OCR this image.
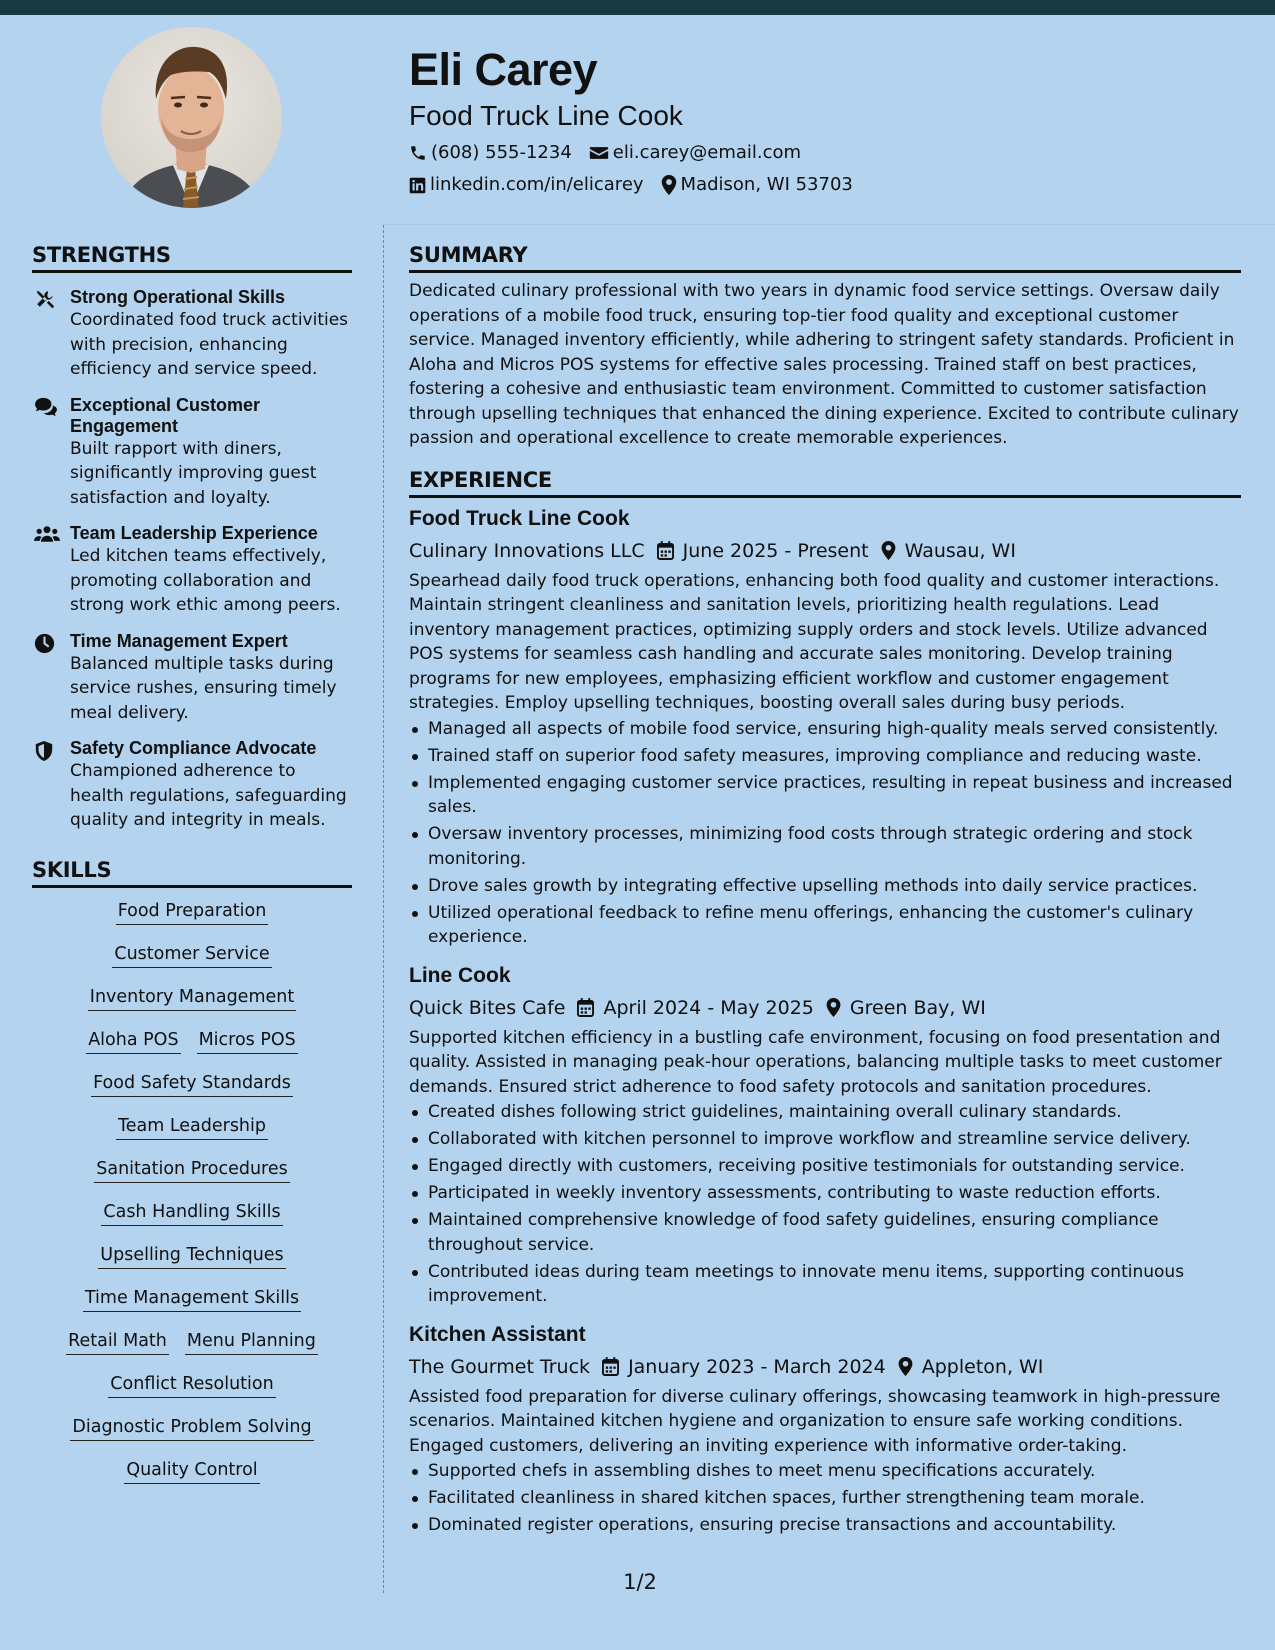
Eli Carey
Food Truck Line Cook
(608) 555-1234 eli.carey@email.com
linkedin.com/in/elicarey Madison, WI 53703
STRENGTHS
Strong Operational Skills
Coordinated food truck activities with precision, enhancing efficiency and service speed.
Exceptional Customer Engagement
Built rapport with diners, significantly improving guest satisfaction and loyalty.
Team Leadership Experience
Led kitchen teams effectively, promoting collaboration and strong work ethic among peers.
Time Management Expert
Balanced multiple tasks during service rushes, ensuring timely meal delivery.
Safety Compliance Advocate
Championed adherence to health regulations, safeguarding quality and integrity in meals.
SKILLS
Food Preparation
Customer Service
Inventory Management
Aloha POS Micros POS
Food Safety Standards
Team Leadership
Sanitation Procedures
Cash Handling Skills
Upselling Techniques
Time Management Skills
Retail Math Menu Planning
Conflict Resolution
Diagnostic Problem Solving
Quality Control
SUMMARY
Dedicated culinary professional with two years in dynamic food service settings. Oversaw daily operations of a mobile food truck, ensuring top-tier food quality and exceptional customer service. Managed inventory efficiently, while adhering to stringent safety standards. Proficient in Aloha and Micros POS systems for effective sales processing. Trained staff on best practices, fostering a cohesive and enthusiastic team environment. Committed to customer satisfaction through upselling techniques that enhanced the dining experience. Excited to contribute culinary passion and operational excellence to create memorable experiences.
EXPERIENCE
Food Truck Line Cook
Culinary Innovations LLC June 2025 - Present Wausau, WI
Spearhead daily food truck operations, enhancing both food quality and customer interactions. Maintain stringent cleanliness and sanitation levels, prioritizing health regulations. Lead inventory management practices, optimizing supply orders and stock levels. Utilize advanced POS systems for seamless cash handling and accurate sales monitoring. Develop training programs for new employees, emphasizing efficient workflow and customer engagement strategies. Employ upselling techniques, boosting overall sales during busy periods.
Managed all aspects of mobile food service, ensuring high-quality meals served consistently.
Trained staff on superior food safety measures, improving compliance and reducing waste.
Implemented engaging customer service practices, resulting in repeat business and increased sales.
Oversaw inventory processes, minimizing food costs through strategic ordering and stock monitoring.
Drove sales growth by integrating effective upselling methods into daily service practices.
Utilized operational feedback to refine menu offerings, enhancing the customer's culinary experience.
Line Cook
Quick Bites Cafe April 2024 - May 2025 Green Bay, WI
Supported kitchen efficiency in a bustling cafe environment, focusing on food presentation and quality. Assisted in managing peak-hour operations, balancing multiple tasks to meet customer demands. Ensured strict adherence to food safety protocols and sanitation procedures.
Created dishes following strict guidelines, maintaining overall culinary standards.
Collaborated with kitchen personnel to improve workflow and streamline service delivery.
Engaged directly with customers, receiving positive testimonials for outstanding service.
Participated in weekly inventory assessments, contributing to waste reduction efforts.
Maintained comprehensive knowledge of food safety guidelines, ensuring compliance throughout service.
Contributed ideas during team meetings to innovate menu items, supporting continuous improvement.
Kitchen Assistant
The Gourmet Truck January 2023 - March 2024 Appleton, WI
Assisted food preparation for diverse culinary offerings, showcasing teamwork in high-pressure scenarios. Maintained kitchen hygiene and organization to ensure safe working conditions. Engaged customers, delivering an inviting experience with informative order-taking.
Supported chefs in assembling dishes to meet menu specifications accurately.
Facilitated cleanliness in shared kitchen spaces, further strengthening team morale.
Dominated register operations, ensuring precise transactions and accountability.
1/2
